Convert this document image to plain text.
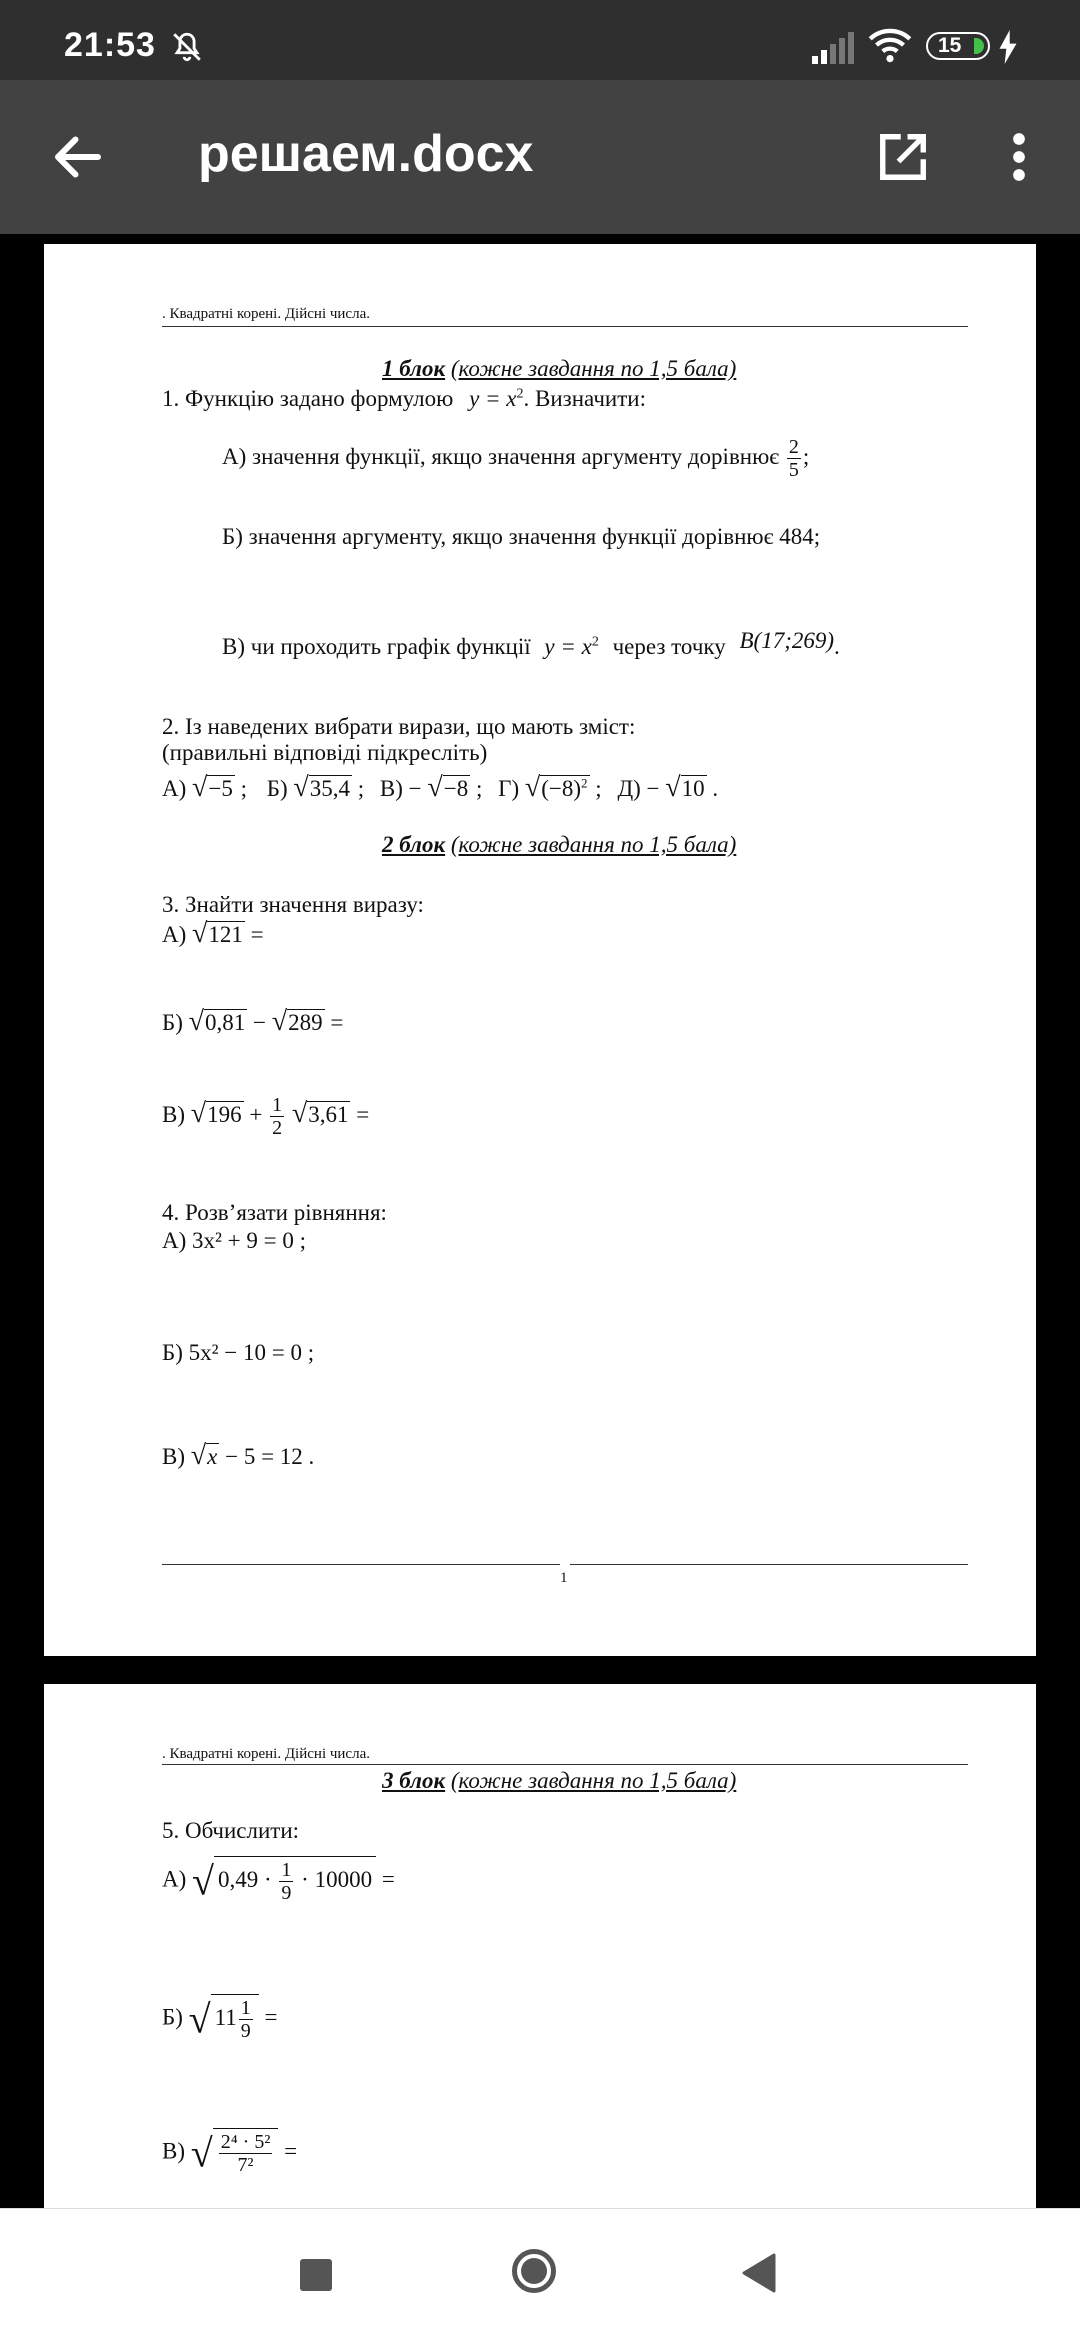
21:53	15
решаем.docx
. Квадратні корені. Дійсні числа.
1 блок (кожне завдання по 1,5 бала)
1. Функцію задано формулою $y = x^2$. Визначити:
А) значення функції, якщо значення аргументу дорівнює $\frac{2}{5}$ ;
Б) значення аргументу, якщо значення функції дорівнює 484;
В) чи проходить графік функції $y = x^2$ через точку B(17;269).
2. Із наведених вибрати вирази, що мають зміст:
(правильні відповіді підкресліть)
А) √−5 ; Б) √35,4 ; В) − √−8 ; Г) $√(-8)^2$ ; Д) − √10 .
2 блок (кожне завдання по 1,5 бала)
3. Знайти значення виразу:
А) √121 =
Б) √0,81 − √289 =
В) $√196 + \frac{1}{2} √3,61$ =
4. Розв’язати рівняння:
А) 3x² + 9 = 0 ;
Б) 5x² − 10 = 0 ;
В) √x − 5 = 12 .
1
. Квадратні корені. Дійсні числа.
3 блок (кожне завдання по 1,5 бала)
5. Обчислити:
А) √ $0,49 \cdot \frac{1}{9} \cdot 10000$ =
Б) √ $11 \frac{1}{9}$ =
В) √ $\frac{\text{2⁴ · 5²}}{\text{7²}}$ =
